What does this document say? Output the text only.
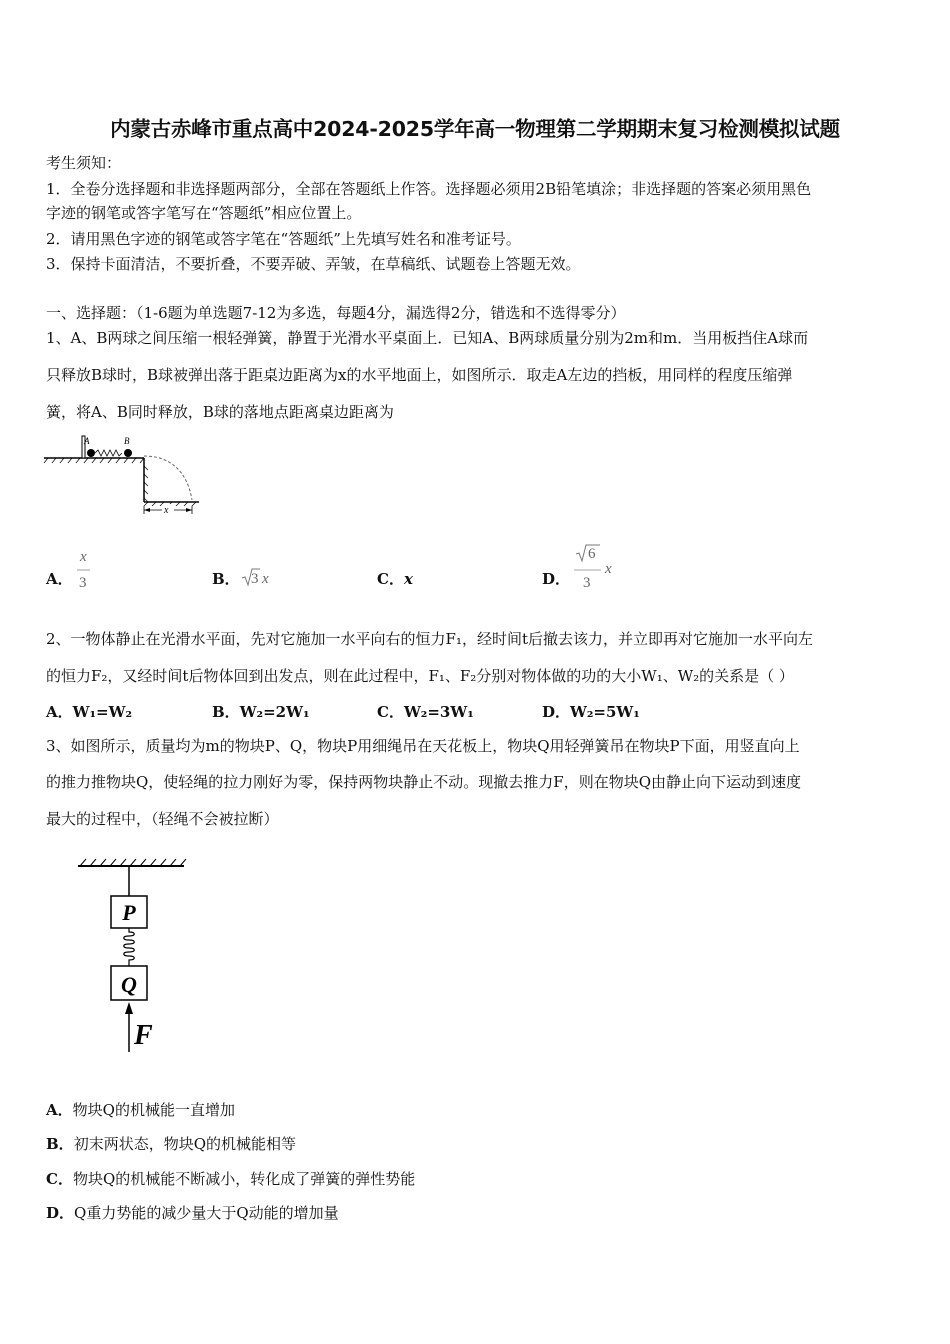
内蒙古赤峰市重点高中2024-2025学年高一物理第二学期期末复习检测模拟试题
考生须知：
1．全卷分选择题和非选择题两部分，全部在答题纸上作答。选择题必须用2B铅笔填涂；非选择题的答案必须用黑色
字迹的钢笔或答字笔写在“答题纸”相应位置上。
2．请用黑色字迹的钢笔或答字笔在“答题纸”上先填写姓名和准考证号。
3．保持卡面清洁，不要折叠，不要弄破、弄皱，在草稿纸、试题卷上答题无效。
一、选择题：（1-6题为单选题7-12为多选，每题4分，漏选得2分，错选和不选得零分）
1、A、B两球之间压缩一根轻弹簧，静置于光滑水平桌面上．已知A、B两球质量分别为2m和m．当用板挡住A球而
只释放B球时，B球被弹出落于距桌边距离为x的水平地面上，如图所示．取走A左边的挡板，用同样的程度压缩弹
簧，将A、B同时释放，B球的落地点距离桌边距离为
A	B
x
A．
x
3	B． 3 x	C．x	D．
6
3
x
2、一物体静止在光滑水平面，先对它施加一水平向右的恒力F₁，经时间t后撤去该力，并立即再对它施加一水平向左
的恒力F₂，又经时间t后物体回到出发点，则在此过程中，F₁、F₂分别对物体做的功的大小W₁、W₂的关系是（ ）
A．W₁=W₂	B．W₂=2W₁	C．W₂=3W₁	D．W₂=5W₁
3、如图所示，质量均为m的物块P、Q，物块P用细绳吊在天花板上，物块Q用轻弹簧吊在物块P下面，用竖直向上
的推力推物块Q，使轻绳的拉力刚好为零，保持两物块静止不动。现撤去推力F，则在物块Q由静止向下运动到速度
最大的过程中，（轻绳不会被拉断）
P
Q
F
A．物块Q的机械能一直增加
B．初末两状态，物块Q的机械能相等
C．物块Q的机械能不断减小，转化成了弹簧的弹性势能
D．Q重力势能的减少量大于Q动能的增加量
